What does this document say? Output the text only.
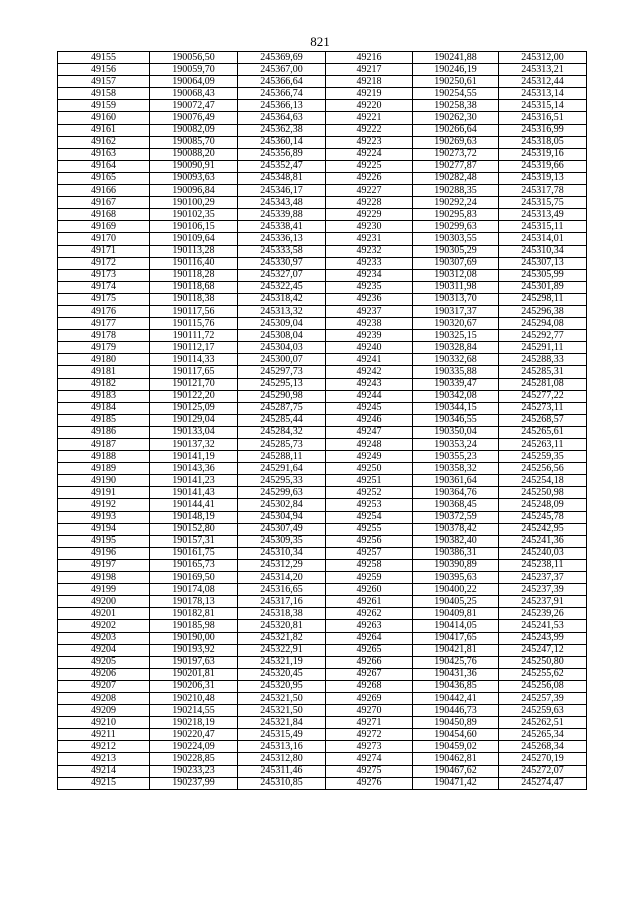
821
49155	190056,50	245369,69	49216	190241,88	245312,00
49156	190059,70	245367,00	49217	190246,19	245313,21
49157	190064,09	245366,64	49218	190250,61	245312,44
49158	190068,43	245366,74	49219	190254,55	245313,14
49159	190072,47	245366,13	49220	190258,38	245315,14
49160	190076,49	245364,63	49221	190262,30	245316,51
49161	190082,09	245362,38	49222	190266,64	245316,99
49162	190085,70	245360,14	49223	190269,63	245318,05
49163	190088,20	245356,89	49224	190273,72	245319,16
49164	190090,91	245352,47	49225	190277,87	245319,66
49165	190093,63	245348,81	49226	190282,48	245319,13
49166	190096,84	245346,17	49227	190288,35	245317,78
49167	190100,29	245343,48	49228	190292,24	245315,75
49168	190102,35	245339,88	49229	190295,83	245313,49
49169	190106,15	245338,41	49230	190299,63	245315,11
49170	190109,64	245336,13	49231	190303,55	245314,01
49171	190113,28	245333,58	49232	190305,29	245310,34
49172	190116,40	245330,97	49233	190307,69	245307,13
49173	190118,28	245327,07	49234	190312,08	245305,99
49174	190118,68	245322,45	49235	190311,98	245301,89
49175	190118,38	245318,42	49236	190313,70	245298,11
49176	190117,56	245313,32	49237	190317,37	245296,38
49177	190115,76	245309,04	49238	190320,67	245294,08
49178	190111,72	245308,04	49239	190325,15	245292,77
49179	190112,17	245304,03	49240	190328,84	245291,11
49180	190114,33	245300,07	49241	190332,68	245288,33
49181	190117,65	245297,73	49242	190335,88	245285,31
49182	190121,70	245295,13	49243	190339,47	245281,08
49183	190122,20	245290,98	49244	190342,08	245277,22
49184	190125,09	245287,75	49245	190344,15	245273,11
49185	190129,04	245285,44	49246	190346,55	245268,57
49186	190133,04	245284,32	49247	190350,04	245265,61
49187	190137,32	245285,73	49248	190353,24	245263,11
49188	190141,19	245288,11	49249	190355,23	245259,35
49189	190143,36	245291,64	49250	190358,32	245256,56
49190	190141,23	245295,33	49251	190361,64	245254,18
49191	190141,43	245299,63	49252	190364,76	245250,98
49192	190144,41	245302,84	49253	190368,45	245248,09
49193	190148,19	245304,94	49254	190372,59	245245,78
49194	190152,80	245307,49	49255	190378,42	245242,95
49195	190157,31	245309,35	49256	190382,40	245241,36
49196	190161,75	245310,34	49257	190386,31	245240,03
49197	190165,73	245312,29	49258	190390,89	245238,11
49198	190169,50	245314,20	49259	190395,63	245237,37
49199	190174,08	245316,65	49260	190400,22	245237,39
49200	190178,13	245317,16	49261	190405,25	245237,91
49201	190182,81	245318,38	49262	190409,81	245239,26
49202	190185,98	245320,81	49263	190414,05	245241,53
49203	190190,00	245321,82	49264	190417,65	245243,99
49204	190193,92	245322,91	49265	190421,81	245247,12
49205	190197,63	245321,19	49266	190425,76	245250,80
49206	190201,81	245320,45	49267	190431,36	245255,62
49207	190206,31	245320,95	49268	190436,85	245256,08
49208	190210,48	245321,50	49269	190442,41	245257,39
49209	190214,55	245321,50	49270	190446,73	245259,63
49210	190218,19	245321,84	49271	190450,89	245262,51
49211	190220,47	245315,49	49272	190454,60	245265,34
49212	190224,09	245313,16	49273	190459,02	245268,34
49213	190228,85	245312,80	49274	190462,81	245270,19
49214	190233,23	245311,46	49275	190467,62	245272,07
49215	190237,99	245310,85	49276	190471,42	245274,47
